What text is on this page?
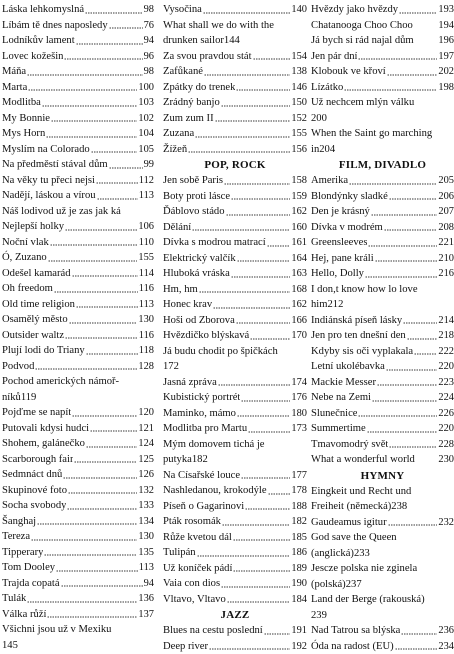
Láska lehkomyslná	98
Líbám tě dnes naposledy	76
Lodníkův lament	94
Lovec kožešin	96
Máňa	98
Marta	100
Modlitba	103
My Bonnie	102
Mys Horn	104
Myslím na Colorado	105
Na předměstí stával dům	99
Na věky tu přeci nejsi	112
Nadějí, láskou a vírou	113
Náš lodivod už je zas jak ká
Nejlepší holky	106
Noční vlak	110
Ó, Zuzano	155
Odešel kamarád	114
Oh freedom	116
Old time religion	113
Osamělý město	130
Outsider waltz	116
Plují lodi do Triany	118
Podvod	128
Pochod amerických námoř-
níků 119
Pojďme se napít	120
Putovali kdysi hudci	121
Shohem, galánečko	124
Scarborough fair	125
Sedmnáct dnů	126
Skupinové foto	132
Socha svobody	133
Šanghaj	134
Tereza	130
Tipperary	135
Tom Dooley	113
Trajda copatá	94
Tulák	136
Válka růží	137
Všichni jsou už v Mexiku
145
Vysočina	140
What shall we do with the
drunken sailor 144
Za svou pravdou stát	154
Zafůkané	138
Zpátky do trenek	146
Zrádný banjo	150
Zum zum II	152
Zuzana	155
Žížeň	156
POP, ROCK
Jen sobě Paris	158
Boty proti lásce	159
Ďáblovo stádo	162
Dělání	160
Dívka s modrou matrací 161
Elektrický valčík	164
Hluboká vráska	163
Hm, hm	168
Honec krav	162
Hoši od Zborova	166
Hvězdičko blýskavá	170
Já budu chodit po špičkách
172
Jasná zpráva	174
Kubistický portrét	176
Maminko, mámo	180
Modlitba pro Martu	173
Mým domovem tichá je
putyka 182
Na Císařské louce	177
Nashledanou, krokodýle 178
Píseň o Gagarinovi	188
Pták rosomák	182
Růže kvetou dál	185
Tulipán	186
Už koníček pádí	189
Vaia con dios	190
Vltavo, Vltavo	184
JAZZ
Blues na cestu poslední	191
Deep river	192
Hvězdy jako hvězdy	193
Chatanooga Choo Choo 194
Já bych si rád najal dům 196
Jen pár dní	197
Klobouk ve křoví	202
Lízátko	198
Už nechcem mlýn válku
200
When the Saint go marching
in 204
FILM, DIVADLO
Amerika	205
Blondýnky sladké	206
Den je krásný	207
Dívka v modrém	208
Greensleeves	221
Hej, pane králi	210
Hello, Dolly	216
I don,t know how lo love
him 212
Indiánská píseň lásky	214
Jen pro ten dnešní den	218
Kdyby sis oči vyplakala 222
Letní ukolébavka	220
Mackie Messer	223
Nebe na Zemi	224
Slunečnice	226
Summertime	220
Tmavomodrý svět	228
What a wonderful world 230
HYMNY
Eingkeit und Recht und
Freiheit (německá) 238
Gaudeamus igitur	232
God save the Queen
(anglická) 233
Jescze polska nie zginela
(polská) 237
Land der Berge (rakouská)
239
Nad Tatrou sa blýska	236
Óda na radost (EU)	234
